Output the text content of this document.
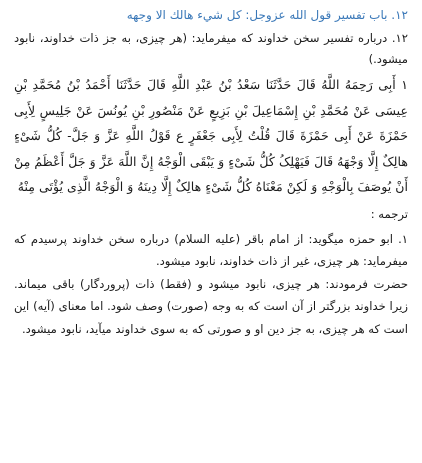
١٢. باب تفسير قول الله عزوجل: كل شيء هالك الا وجهه

١٢. درباره تفسیر سخن خداوند که میفرماید: (هر چیزی، به جز ذات خداوند، نابود میشود.)

١ أَبِی رَحِمَهُ اللَّهُ قَالَ حَدَّثَنَا سَعْدُ بْنُ عَبْدِ اللَّهِ قَالَ حَدَّثَنَا أَحْمَدُ بْنُ مُحَمَّدِ بْنِ عِیسَى عَنْ مُحَمَّدِ بْنِ إِسْمَاعِیلَ بْنِ بَزِیعٍ عَنْ مَنْصُورِ بْنِ یُونُسَ عَنْ جَلِیسٍ لِأَبِی حَمْزَةَ عَنْ أَبِی حَمْزَةَ قَالَ قُلْتُ لِأَبِی جَعْفَرٍ ع قَوْلُ اللَّهِ عَزَّ وَ جَلَّ- کُلُّ شَیْءٍ هالِکٌ إِلَّا وَجْهَهُ قَالَ فَیَهْلِکُ کُلُّ شَیْءٍ وَ یَبْقَى الْوَجْهُ إِنَّ اللَّهَ عَزَّ وَ جَلَّ أَعْظَمُ مِنْ أَنْ یُوصَفَ بِالْوَجْهِ وَ لَکِنْ مَعْنَاهُ کُلُّ شَیْءٍ هالِکٌ إِلَّا دِینَهُ وَ الْوَجْهُ الَّذِی یُؤْتَى مِنْهُ

ترجمه :

١. ابو حمزه میگوید: از امام باقر (علیه السلام) درباره سخن خداوند پرسیدم که میفرماید: هر چیزی، غیر از ذات خداوند، نابود میشود.

حضرت فرمودند: هر چیزی، نابود میشود و (فقط) ذات (پروردگار) باقی میماند. زیرا خداوند بزرگتر از آن است که به وجه (صورت) وصف شود. اما معنای (آیه) این است که هر چیزی، به جز دین او و صورتی که به سوی خداوند میآید، نابود میشود.
